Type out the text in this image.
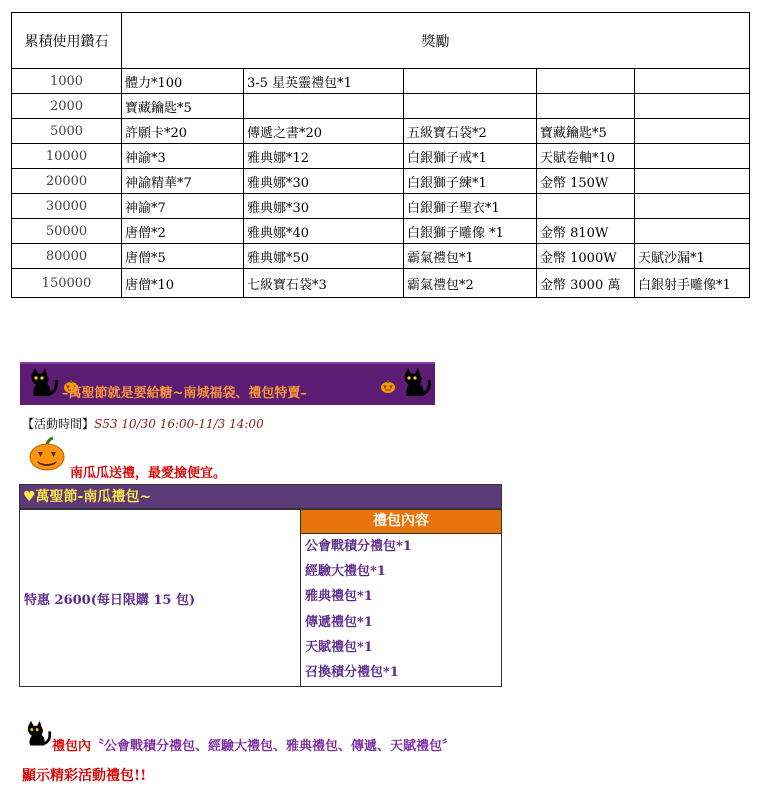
累積使用鑽石	獎勵				
1000	體力*100	3-5 星英靈禮包*1			
2000	寶藏鑰匙*5				
5000	許願卡*20	傳遞之書*20	五級寶石袋*2	寶藏鑰匙*5	
10000	神諭*3	雅典娜*12	白銀獅子戒*1	天賦卷軸*10	
20000	神諭精華*7	雅典娜*30	白銀獅子練*1	金幣 150W	
30000	神諭*7	雅典娜*30	白銀獅子聖衣*1		
50000	唐僧*2	雅典娜*40	白銀獅子雕像 *1	金幣 810W	
80000	唐僧*5	雅典娜*50	霸氣禮包*1	金幣 1000W	天賦沙漏*1
150000	唐僧*10	七級寶石袋*3	霸氣禮包*2	金幣 3000 萬	白銀射手雕像*1
–萬聖節就是要給糖~南城福袋、禮包特賣–
【活動時間】S53 10/30 16:00-11/3 14:00
南瓜瓜送禮，最愛撿便宜。
♥萬聖節-南瓜禮包~
特惠 2600(每日限購 15 包)
禮包內容
公會戰積分禮包*1
經驗大禮包*1
雅典禮包*1
傳遞禮包*1
天賦禮包*1
召換積分禮包*1
禮包內〝公會戰積分禮包、經驗大禮包、雅典禮包、傳遞、天賦禮包〞
顯示精彩活動禮包!!
